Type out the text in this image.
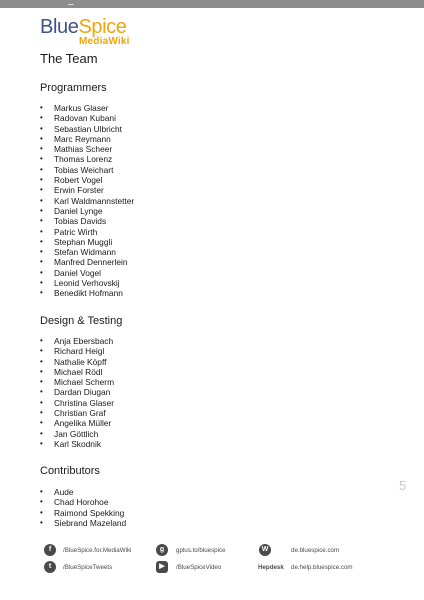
BlueSpice
MediaWiki
The Team
Programmers
• Markus Glaser
• Radovan Kubani
• Sebastian Ulbricht
• Marc Reymann
• Mathias Scheer
• Thomas Lorenz
• Tobias Weichart
• Robert Vogel
• Erwin Forster
• Karl Waldmannstetter
• Daniel Lynge
• Tobias Davids
• Patric Wirth
• Stephan Muggli
• Stefan Widmann
• Manfred Dennerlein
• Daniel Vogel
• Leonid Verhovskij
• Benedikt Hofmann
Design & Testing
• Anja Ebersbach
• Richard Heigl
• Nathalie Köpff
• Michael Rödl
• Michael Scherm
• Dardan Diugan
• Christina Glaser
• Christian Graf
• Angelika Müller
• Jan Göttlich
• Karl Skodnik
Contributors
• Aude
• Chad Horohoe
• Raimond Spekking
• Siebrand Mazeland
5
f	/BlueSpice.for.MediaWiki	g	gplus.to/bluespice	W	de.bluespice.com
t	/BlueSpiceTweets	▶	/BlueSpiceVideo	Hepdesk de.help.bluespice.com
